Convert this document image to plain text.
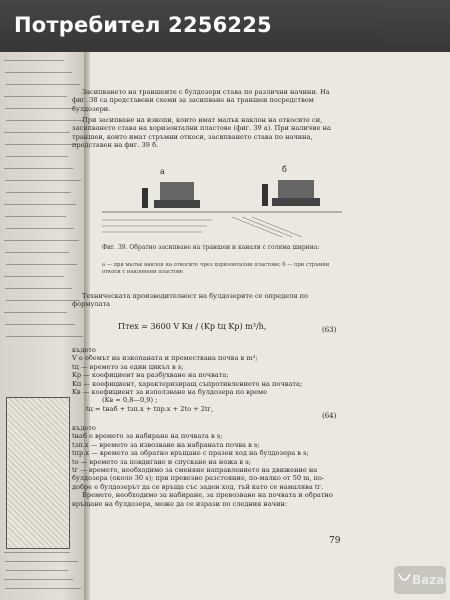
Потребител 2256225

Засипването на траншеите с булдозери става по различни начини. На фиг. 38 са представени схеми за засипване на траншеи посредством булдозери.

При засипване на изкопи, които имат малък наклон на откосите си, засипването става на хоризонтални пластове (фиг. 39 а). При наличие на траншеи, които имат стръмни откоси, засипването става по начина, представен на фиг. 39 б.

а	б
Фиг. 39. Обратно засипване на траншеи и канали с голяма ширина:
а — при малък наклон на откосите чрез хоризонтални пластове; б — при стръмни откоси с наклонени пластове

Техническата производителност на булдозерите се определя по формулата

Птех = 3600 V Kн / (Kр tц Kр) m³/h,	(63)
където
V е обемът на изкопаната и премествана почва в m³;
tц — времето за един цикъл в s;
Kр — коефициент на разбухване на почвата;
Kп — коефициент, характеризиращ съпротивлението на почвата;
Kв — коефициент за използване на булдозера по време
(Kв = 0,8—0,9) ;
tц = tнаб + tзп.х + tпр.х + 2tо + 2tг,
(64)
където
tнаб е времето за набиране на почвата в s;
tзп.х — времето за извозване на набраната почва в s;
tпр.х — времето за обратно връщане с празен ход на булдозера в s;
tо — времето за повдигане и спускане на ножа в s;
tг — времето, необходимо за сменяне направлението на движение на булдозера (около 30 s); при превозно разстояние, по-малко от 50 m, по-добре е булдозерът да се връща със заден ход, тъй като се намалява tг.

Времето, необходимо за набиране, за превозване на почвата и обратно връщане на булдозера, може да се изрази по следния начин:

79
Bazar
